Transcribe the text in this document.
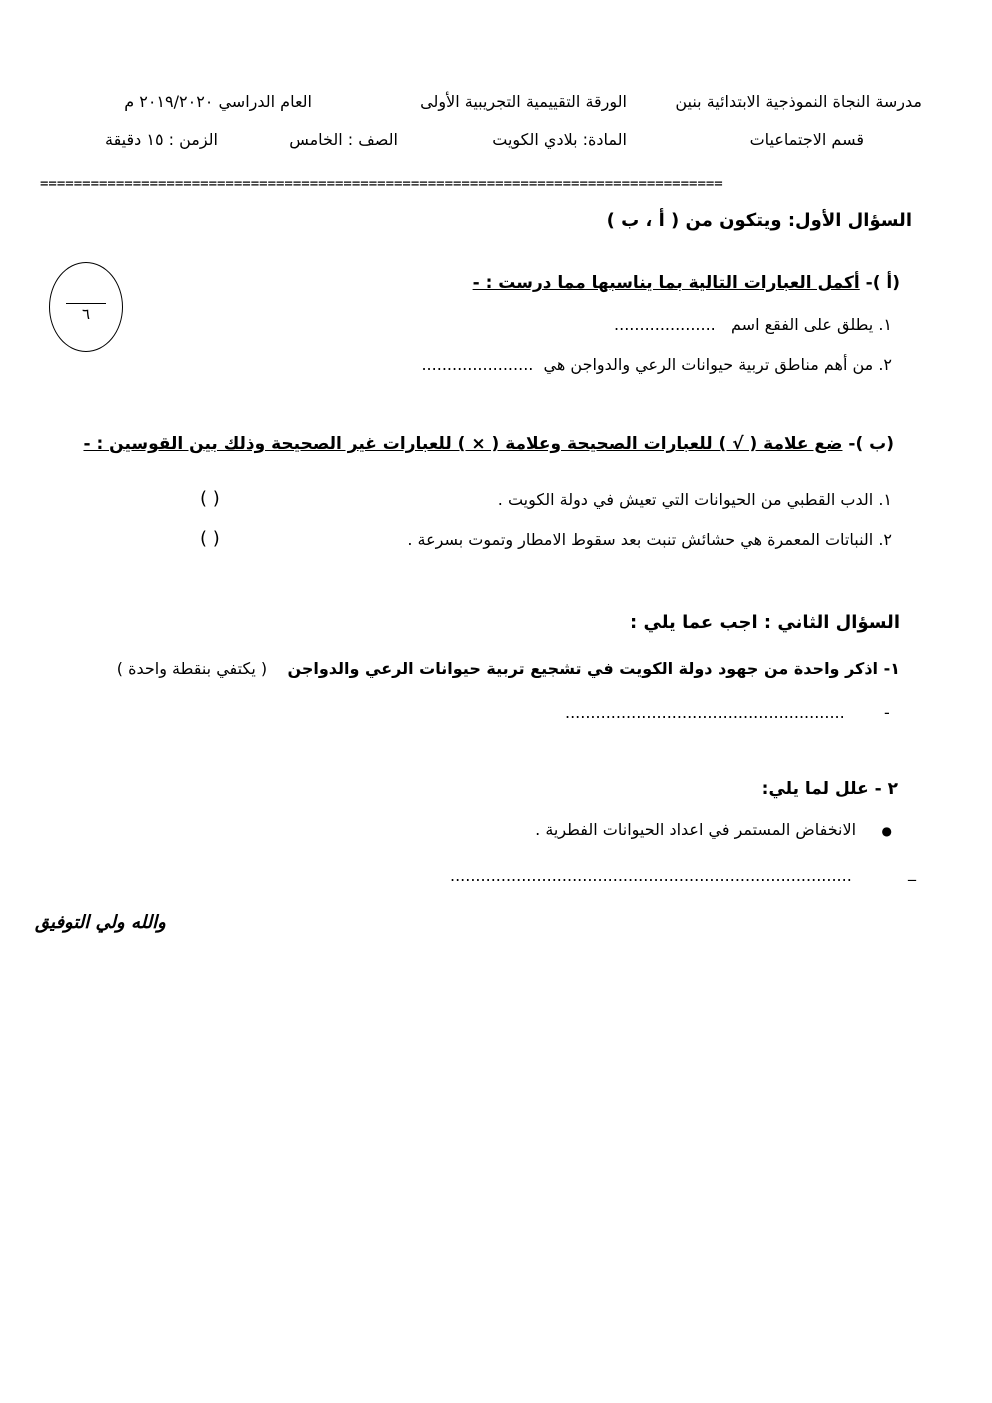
مدرسة النجاة النموذجية الابتدائية بنين
الورقة التقييمية التجريبية الأولى
العام الدراسي ٢٠١٩/٢٠٢٠ م
قسم الاجتماعيات
المادة: بلادي الكويت
الصف : الخامس
الزمن : ١٥ دقيقة
=================================================================================
السؤال الأول: ويتكون من ( أ ، ب )
٦
(أ )- أكمل العبارات التالية بما يناسبها مما درست : -
١. يطلق على الفقع اسم   ....................
٢. من أهم مناطق تربية حيوانات الرعي والدواجن هي  ......................
(ب )- ضع علامة ( √ ) للعبارات الصحيحة وعلامة ( × ) للعبارات غير الصحيحة وذلك بين القوسين : -
١. الدب القطبي من الحيوانات التي تعيش في دولة الكويت .
( )
٢. النباتات المعمرة هي حشائش تنبت بعد سقوط الامطار وتموت بسرعة .
( )
السؤال الثاني : اجب عما يلي :
١- اذكر واحدة من جهود دولة الكويت في تشجيع تربية حيوانات الرعي والدواجن    ( يكتفي بنقطة واحدة )
....................................................... -
٢ - علل لما يلي:
●     الانخفاض المستمر في اعداد الحيوانات الفطرية .
...............................................................................	_
والله ولي التوفيق
